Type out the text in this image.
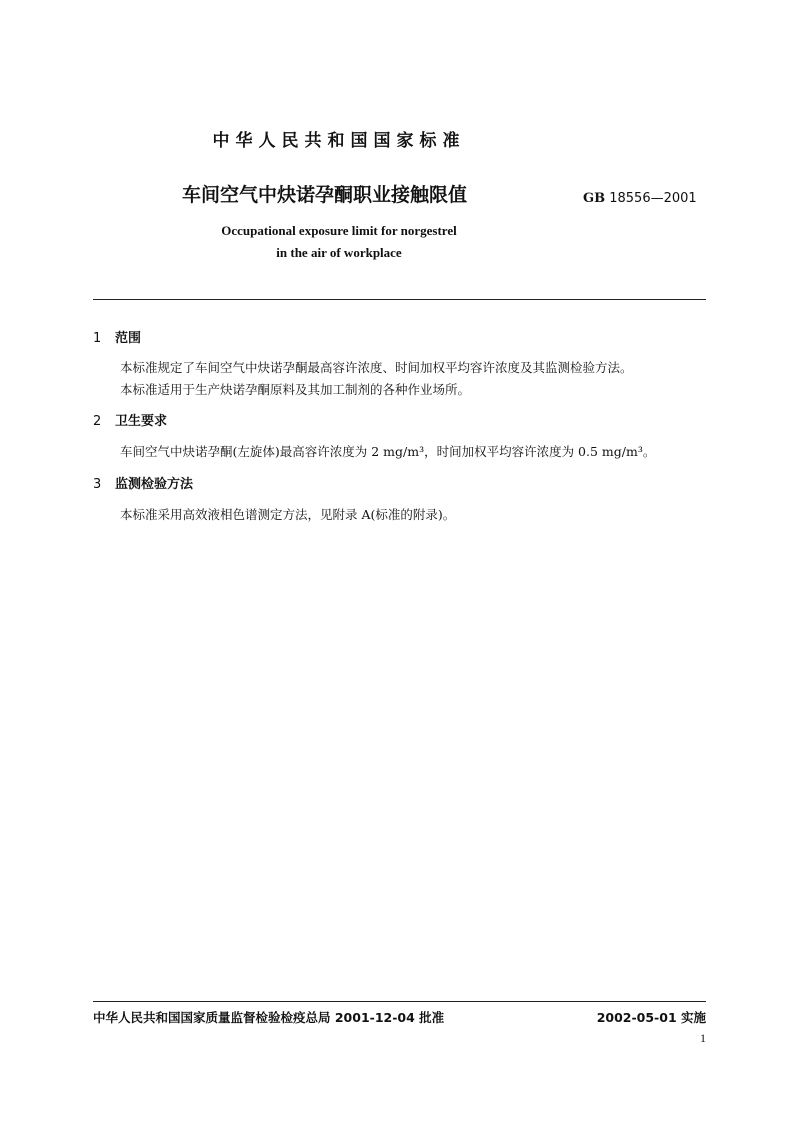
中华人民共和国国家标准
车间空气中炔诺孕酮职业接触限值	GB 18556—2001
Occupational exposure limit for norgestrel
in the air of workplace
1 范围
本标准规定了车间空气中炔诺孕酮最高容许浓度、时间加权平均容许浓度及其监测检验方法。
本标准适用于生产炔诺孕酮原料及其加工制剂的各种作业场所。
2 卫生要求
车间空气中炔诺孕酮(左旋体)最高容许浓度为 2 mg/m³，时间加权平均容许浓度为 0.5 mg/m³。
3 监测检验方法
本标准采用高效液相色谱测定方法，见附录 A(标准的附录)。
中华人民共和国国家质量监督检验检疫总局 2001-12-04 批准	2002-05-01 实施
1
